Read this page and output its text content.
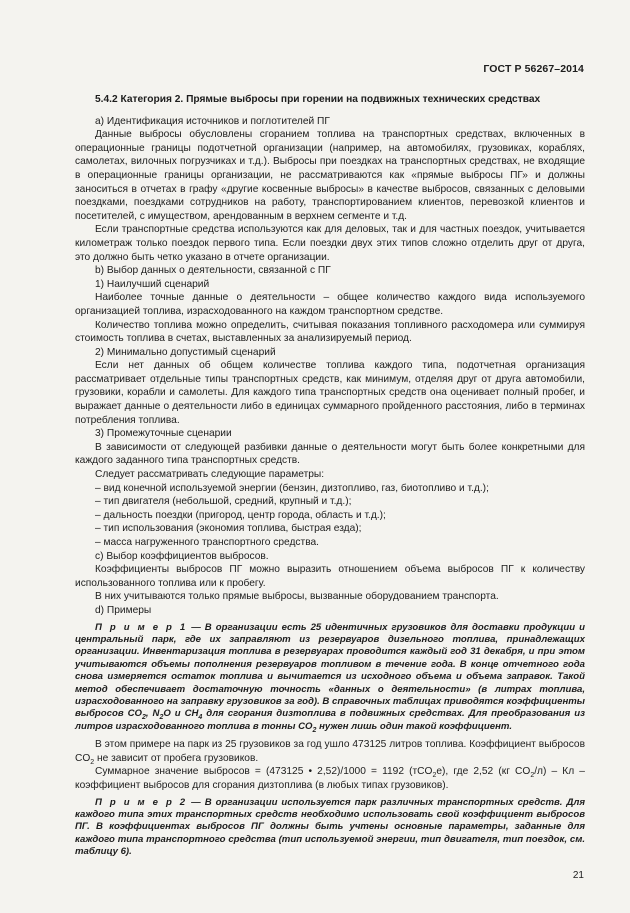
ГОСТ Р 56267–2014

5.4.2 Категория 2. Прямые выбросы при горении на подвижных технических средствах

а) Идентификация источников и поглотителей ПГ

Данные выбросы обусловлены сгоранием топлива на транспортных средствах, включенных в операционные границы подотчетной организации (например, на автомобилях, грузовиках, кораблях, самолетах, вилочных погрузчиках и т.д.). Выбросы при поездках на транспортных средствах, не входящие в операционные границы организации, не рассматриваются как «прямые выбросы ПГ» и должны заноситься в отчетах в графу «другие косвенные выбросы» в качестве выбросов, связанных с деловыми поездками, поездками сотрудников на работу, транспортированием клиентов, перевозкой клиентов и посетителей, с имуществом, арендованным в верхнем сегменте и т.д.

Если транспортные средства используются как для деловых, так и для частных поездок, учитывается километраж только поездок первого типа. Если поездки двух этих типов сложно отделить друг от друга, это должно быть четко указано в отчете организации.

b) Выбор данных о деятельности, связанной с ПГ

1) Наилучший сценарий

Наиболее точные данные о деятельности – общее количество каждого вида используемого организацией топлива, израсходованного на каждом транспортном средстве.

Количество топлива можно определить, считывая показания топливного расходомера или суммируя стоимость топлива в счетах, выставленных за анализируемый период.

2) Минимально допустимый сценарий

Если нет данных об общем количестве топлива каждого типа, подотчетная организация рассматривает отдельные типы транспортных средств, как минимум, отделяя друг от друга автомобили, грузовики, корабли и самолеты. Для каждого типа транспортных средств она оценивает полный пробег, и выражает данные о деятельности либо в единицах суммарного пройденного расстояния, либо в терминах потребления топлива.

3) Промежуточные сценарии

В зависимости от следующей разбивки данные о деятельности могут быть более конкретными для каждого заданного типа транспортных средств.

Следует рассматривать следующие параметры:

– вид конечной используемой энергии (бензин, дизтопливо, газ, биотопливо и т.д.);

– тип двигателя (небольшой, средний, крупный и т.д.);

– дальность поездки (пригород, центр города, область и т.д.);

– тип использования (экономия топлива, быстрая езда);

– масса нагруженного транспортного средства.

c) Выбор коэффициентов выбросов.

Коэффициенты выбросов ПГ можно выразить отношением объема выбросов ПГ к количеству использованного топлива или к пробегу.

В них учитываются только прямые выбросы, вызванные оборудованием транспорта.

d) Примеры

П р и м е р 1 — В организации есть 25 идентичных грузовиков для доставки продукции и центральный парк, где их заправляют из резервуаров дизельного топлива, принадлежащих организации. Инвентаризация топлива в резервуарах проводится каждый год 31 декабря, и при этом учитываются объемы пополнения резервуаров топливом в течение года. В конце отчетного года снова измеряется остаток топлива и вычитается из исходного объема и объема заправок. Такой метод обеспечивает достаточную точность «данных о деятельности» (в литрах топлива, израсходованного на заправку грузовиков за год). В справочных таблицах приводятся коэффициенты выбросов $CO_2$, $N_2O$ и $CH_4$ для сгорания дизтоплива в подвижных средствах. Для преобразования из литров израсходованного топлива в тонны $CO_2$ нужен лишь один такой коэффициент.

В этом примере на парк из 25 грузовиков за год ушло 473125 литров топлива. Коэффициент выбросов $CO_2$ не зависит от пробега грузовиков.

Суммарное значение выбросов = (473125 • 2,52)/1000 = 1192 (тCO$_2$e), где 2,52 (кг $CO_2/л$) – Кл – коэффициент выбросов для сгорания дизтоплива (в любых типах грузовиков).

П р и м е р 2 — В организации используется парк различных транспортных средств. Для каждого типа этих транспортных средств необходимо использовать свой коэффициент выбросов ПГ. В коэффициентах выбросов ПГ должны быть учтены основные параметры, заданные для каждого типа транспортного средства (тип используемой энергии, тип двигателя, тип поездок, см. таблицу 6).

21
